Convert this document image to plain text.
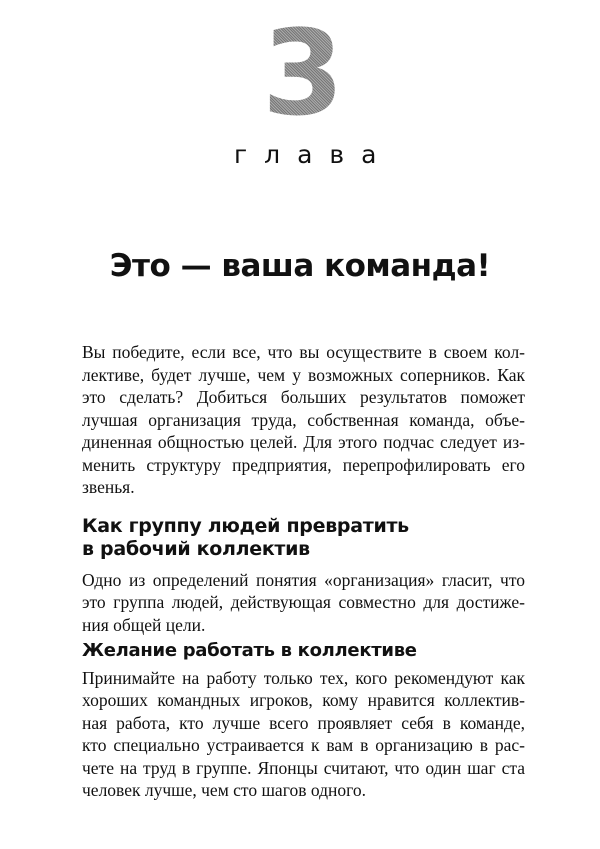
3
глава
Это — ваша команда!
Вы победите, если все, что вы осуществите в своем кол-
лективе, будет лучше, чем у возможных соперников. Как
это сделать? Добиться больших результатов поможет
лучшая организация труда, собственная команда, объе-
диненная общностью целей. Для этого подчас следует из-
менить структуру предприятия, перепрофилировать его
звенья.
Как группу людей превратить
в рабочий коллектив
Одно из определений понятия «организация» гласит, что
это группа людей, действующая совместно для достиже-
ния общей цели.
Желание работать в коллективе
Принимайте на работу только тех, кого рекомендуют как
хороших командных игроков, кому нравится коллектив-
ная работа, кто лучше всего проявляет себя в команде,
кто специально устраивается к вам в организацию в рас-
чете на труд в группе. Японцы считают, что один шаг ста
человек лучше, чем сто шагов одного.
